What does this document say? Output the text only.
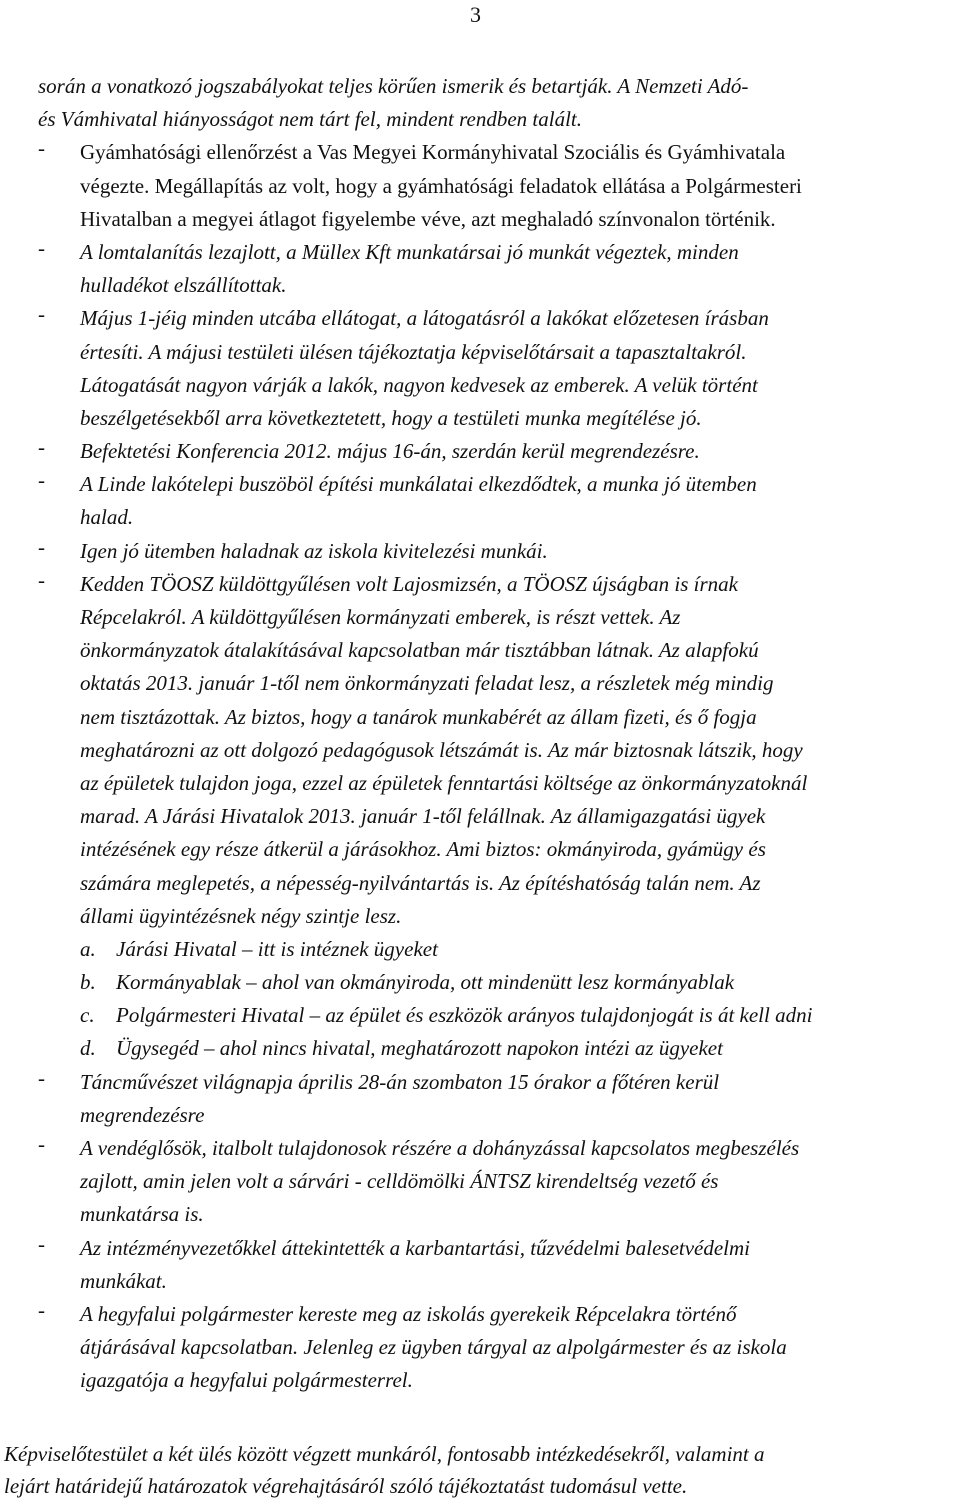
3
során a vonatkozó jogszabályokat teljes körűen ismerik és betartják. A Nemzeti Adó-
és Vámhivatal hiányosságot nem tárt fel, mindent rendben talált.
- Gyámhatósági ellenőrzést a Vas Megyei Kormányhivatal Szociális és Gyámhivatala
végezte. Megállapítás az volt, hogy a gyámhatósági feladatok ellátása a Polgármesteri
Hivatalban a megyei átlagot figyelembe véve, azt meghaladó színvonalon történik.
- A lomtalanítás lezajlott, a Müllex Kft munkatársai jó munkát végeztek, minden
hulladékot elszállítottak.
- Május 1-jéig minden utcába ellátogat, a látogatásról a lakókat előzetesen írásban
értesíti. A májusi testületi ülésen tájékoztatja képviselőtársait a tapasztaltakról.
Látogatását nagyon várják a lakók, nagyon kedvesek az emberek. A velük történt
beszélgetésekből arra következtetett, hogy a testületi munka megítélése jó.
- Befektetési Konferencia 2012. május 16-án, szerdán kerül megrendezésre.
- A Linde lakótelepi buszöböl építési munkálatai elkezdődtek, a munka jó ütemben
halad.
- Igen jó ütemben haladnak az iskola kivitelezési munkái.
- Kedden TÖOSZ küldöttgyűlésen volt Lajosmizsén, a TÖOSZ újságban is írnak
Répcelakról. A küldöttgyűlésen kormányzati emberek, is részt vettek. Az
önkormányzatok átalakításával kapcsolatban már tisztábban látnak. Az alapfokú
oktatás 2013. január 1-től nem önkormányzati feladat lesz, a részletek még mindig
nem tisztázottak. Az biztos, hogy a tanárok munkabérét az állam fizeti, és ő fogja
meghatározni az ott dolgozó pedagógusok létszámát is. Az már biztosnak látszik, hogy
az épületek tulajdon joga, ezzel az épületek fenntartási költsége az önkormányzatoknál
marad. A Járási Hivatalok 2013. január 1-től felállnak. Az államigazgatási ügyek
intézésének egy része átkerül a járásokhoz. Ami biztos: okmányiroda, gyámügy és
számára meglepetés, a népesség-nyilvántartás is. Az építéshatóság talán nem. Az
állami ügyintézésnek négy szintje lesz.
a. Járási Hivatal – itt is intéznek ügyeket
b. Kormányablak – ahol van okmányiroda, ott mindenütt lesz kormányablak
c. Polgármesteri Hivatal – az épület és eszközök arányos tulajdonjogát is át kell adni
d. Ügysegéd – ahol nincs hivatal, meghatározott napokon intézi az ügyeket
- Táncművészet világnapja április 28-án szombaton 15 órakor a főtéren kerül
megrendezésre
- A vendéglősök, italbolt tulajdonosok részére a dohányzással kapcsolatos megbeszélés
zajlott, amin jelen volt a sárvári - celldömölki ÁNTSZ kirendeltség vezető és
munkatársa is.
- Az intézményvezetőkkel áttekintették a karbantartási, tűzvédelmi balesetvédelmi
munkákat.
- A hegyfalui polgármester kereste meg az iskolás gyerekeik Répcelakra történő
átjárásával kapcsolatban. Jelenleg ez ügyben tárgyal az alpolgármester és az iskola
igazgatója a hegyfalui polgármesterrel.
Képviselőtestület a két ülés között végzett munkáról, fontosabb intézkedésekről, valamint a
lejárt határidejű határozatok végrehajtásáról szóló tájékoztatást tudomásul vette.
